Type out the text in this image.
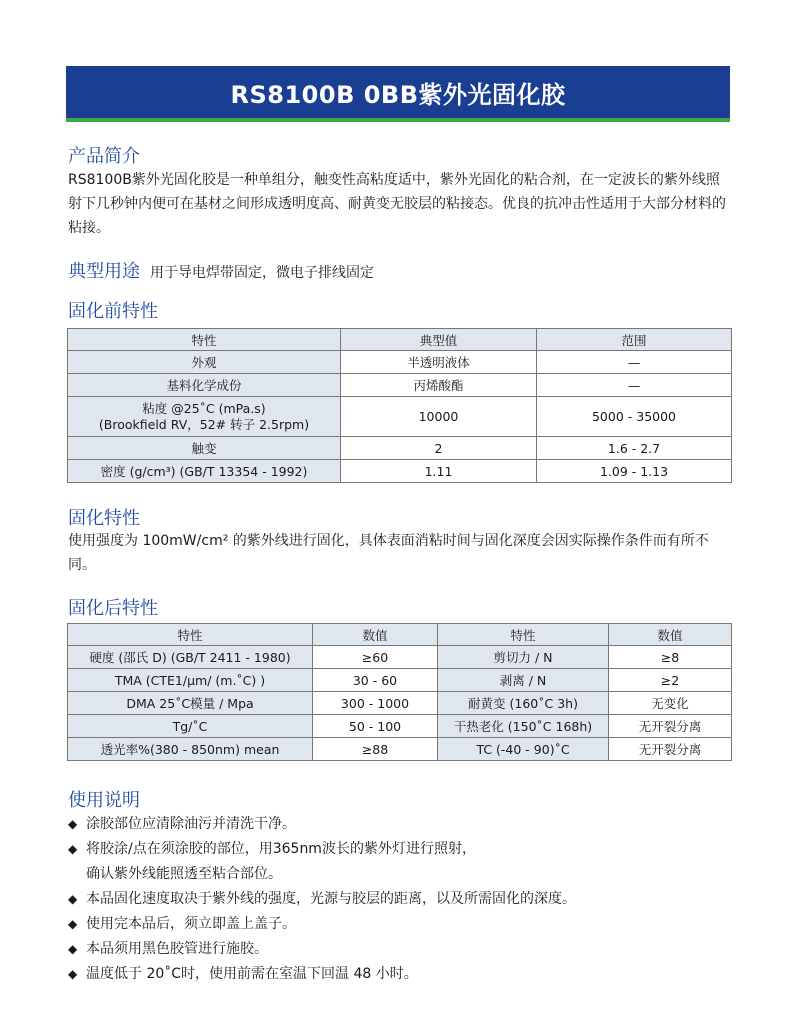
RS8100B 0BB紫外光固化胶
产品简介

RS8100B紫外光固化胶是一种单组分，触变性高粘度适中，紫外光固化的粘合剂，在一定波长的紫外线照射下几秒钟内便可在基材之间形成透明度高、耐黄变无胶层的粘接态。优良的抗冲击性适用于大部分材料的粘接。

典型用途 用于导电焊带固定，微电子排线固定
固化前特性
特性	典型值	范围
外观	半透明液体	—
基料化学成份	丙烯酸酯	—

粘度 @25˚C (mPa.s)
(Brookfield RV，52# 转子 2.5rpm)	10000	5000 - 35000
触变	2	1.6 - 2.7
密度 (g/cm³) (GB/T 13354 - 1992)	1.11	1.09 - 1.13
固化特性

使用强度为 100mW/cm² 的紫外线进行固化，具体表面消粘时间与固化深度会因实际操作条件而有所不同。

固化后特性
特性	数值	特性	数值
硬度 (邵氏 D) (GB/T 2411 - 1980)	≥60	剪切力 / N	≥8
TMA (CTE1/μm/ (m.˚C) )	30 - 60	剥离 / N	≥2
DMA 25˚C模量 / Mpa	300 - 1000	耐黄变 (160˚C 3h)	无变化
Tg/˚C	50 - 100	干热老化 (150˚C 168h)	无开裂分离
透光率%(380 - 850nm) mean	≥88	TC (-40 - 90)˚C	无开裂分离
使用说明
◆ 涂胶部位应清除油污并清洗干净。
◆ 将胶涂/点在须涂胶的部位，用365nm波长的紫外灯进行照射，
确认紫外线能照透至粘合部位。
◆ 本品固化速度取决于紫外线的强度，光源与胶层的距离，以及所需固化的深度。
◆ 使用完本品后，须立即盖上盖子。
◆ 本品须用黑色胶管进行施胶。
◆ 温度低于 20˚C时，使用前需在室温下回温 48 小时。
